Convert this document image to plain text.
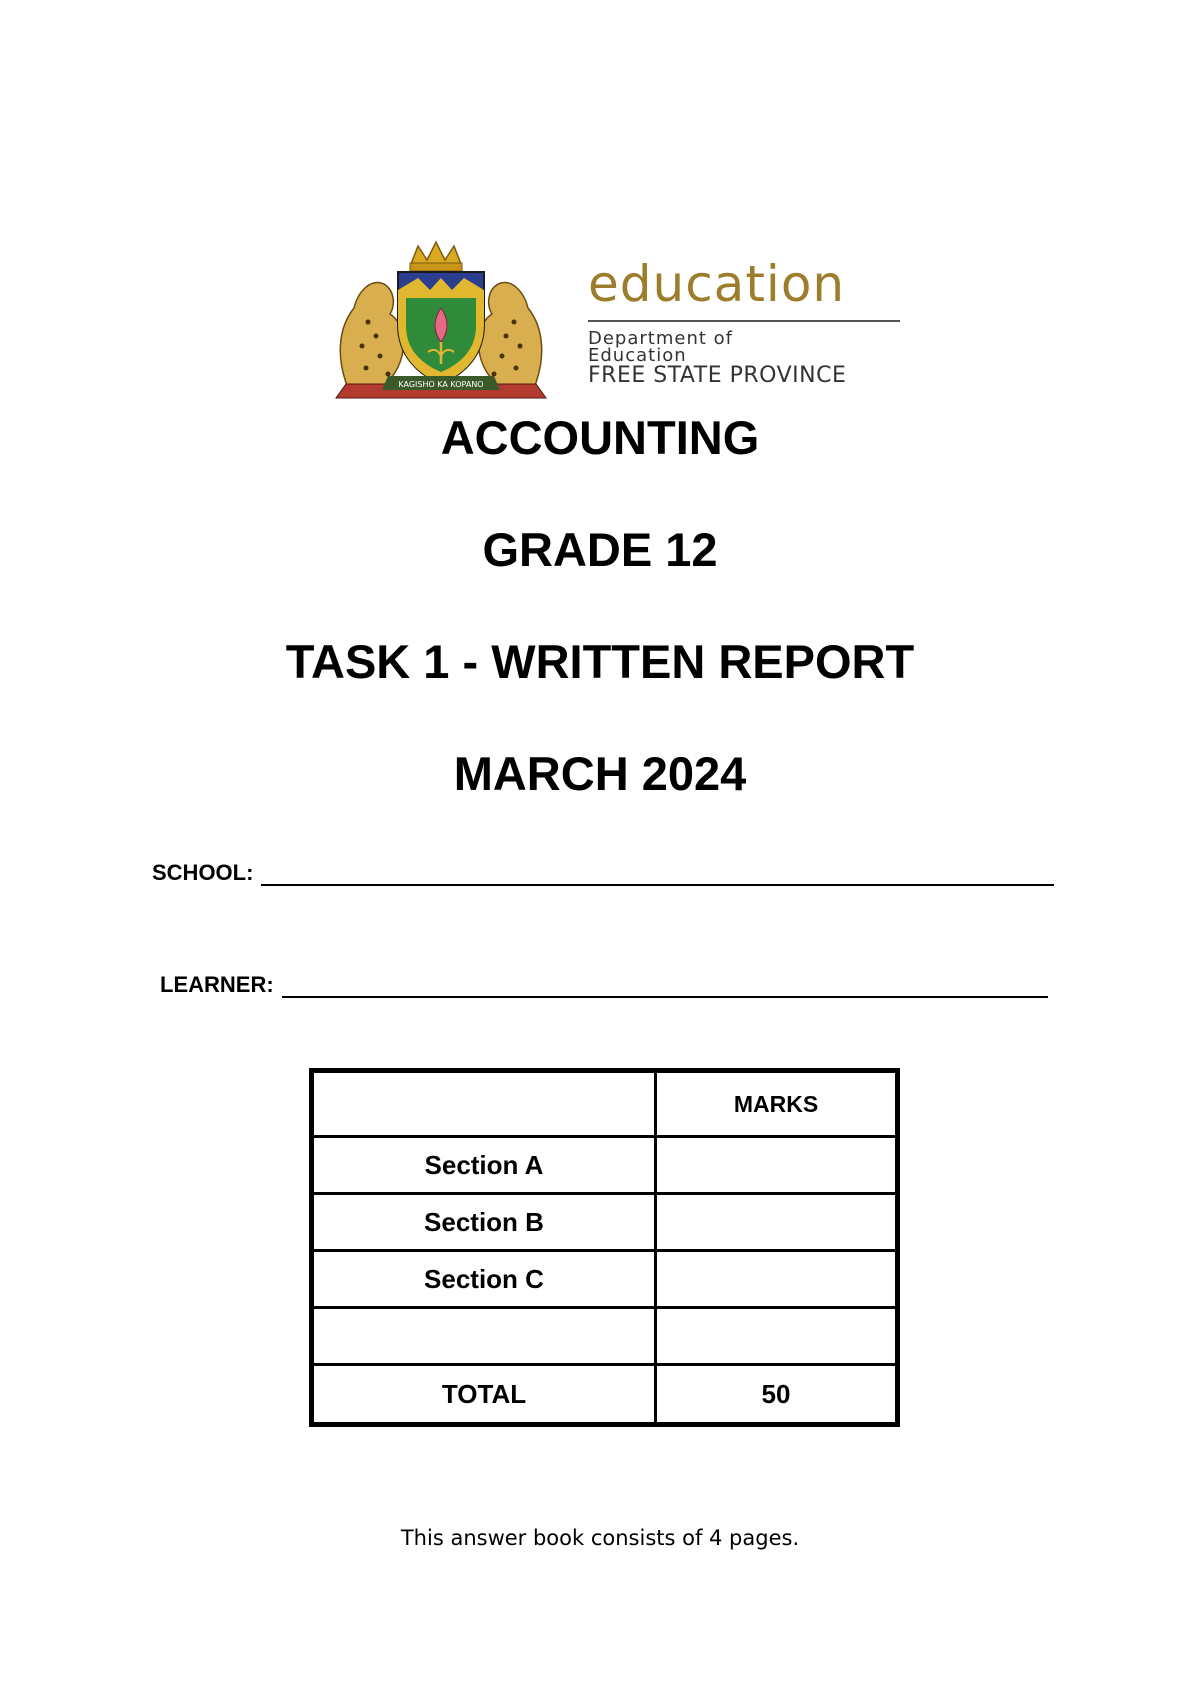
KAGISHO KA KOPANO
education
Department of
Education
FREE STATE PROVINCE
ACCOUNTING
GRADE 12
TASK 1 - WRITTEN REPORT
MARCH 2024
SCHOOL:
LEARNER:
	MARKS
Section A	
Section B	
Section C	

TOTAL	50
This answer book consists of 4 pages.
